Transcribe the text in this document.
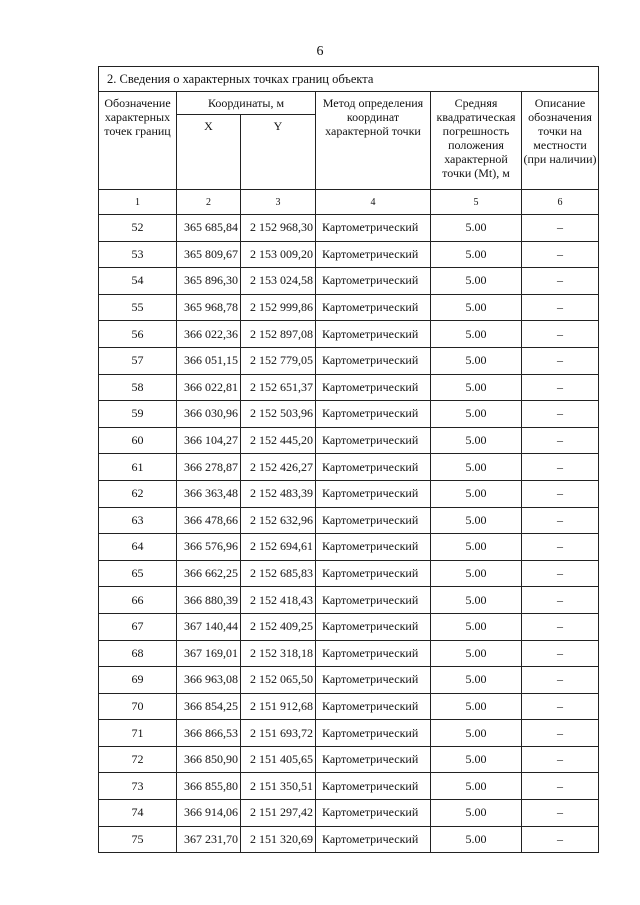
6
2. Сведения о характерных точках границ объекта					
Обозначение характерных точек границ	Координаты, м		Метод определения координат характерной точки	Средняя квадратическая погрешность положения характерной точки (Mt), м	Описание обозначения точки на местности (при наличии)
	X	Y			
1	2	3	4	5	6
52	365 685,84	2 152 968,30	Картометрический	5.00	–
53	365 809,67	2 153 009,20	Картометрический	5.00	–
54	365 896,30	2 153 024,58	Картометрический	5.00	–
55	365 968,78	2 152 999,86	Картометрический	5.00	–
56	366 022,36	2 152 897,08	Картометрический	5.00	–
57	366 051,15	2 152 779,05	Картометрический	5.00	–
58	366 022,81	2 152 651,37	Картометрический	5.00	–
59	366 030,96	2 152 503,96	Картометрический	5.00	–
60	366 104,27	2 152 445,20	Картометрический	5.00	–
61	366 278,87	2 152 426,27	Картометрический	5.00	–
62	366 363,48	2 152 483,39	Картометрический	5.00	–
63	366 478,66	2 152 632,96	Картометрический	5.00	–
64	366 576,96	2 152 694,61	Картометрический	5.00	–
65	366 662,25	2 152 685,83	Картометрический	5.00	–
66	366 880,39	2 152 418,43	Картометрический	5.00	–
67	367 140,44	2 152 409,25	Картометрический	5.00	–
68	367 169,01	2 152 318,18	Картометрический	5.00	–
69	366 963,08	2 152 065,50	Картометрический	5.00	–
70	366 854,25	2 151 912,68	Картометрический	5.00	–
71	366 866,53	2 151 693,72	Картометрический	5.00	–
72	366 850,90	2 151 405,65	Картометрический	5.00	–
73	366 855,80	2 151 350,51	Картометрический	5.00	–
74	366 914,06	2 151 297,42	Картометрический	5.00	–
75	367 231,70	2 151 320,69	Картометрический	5.00	–
